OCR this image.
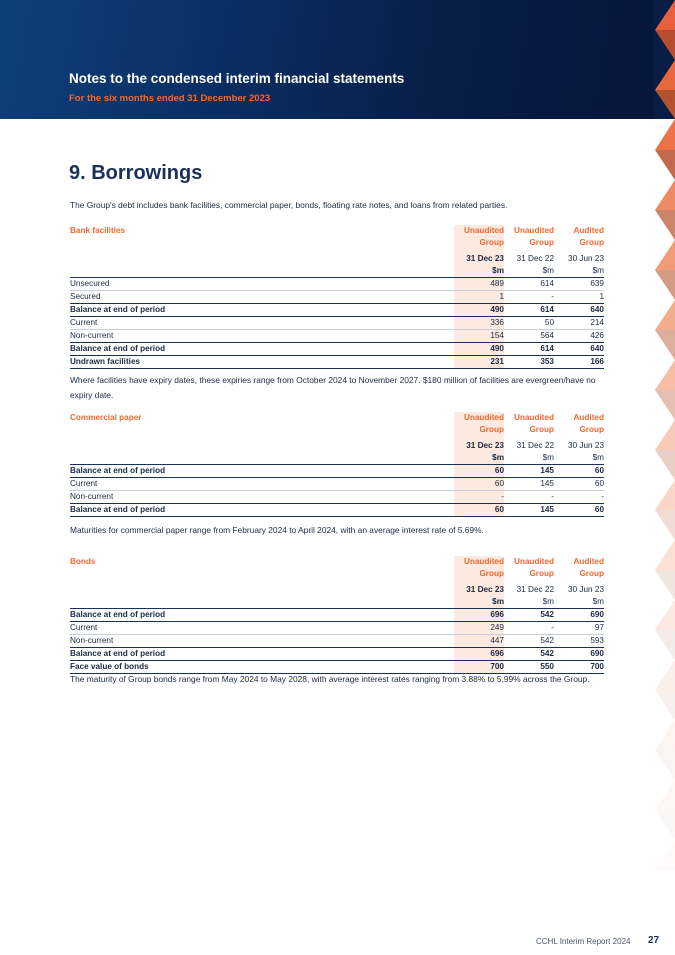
Notes to the condensed interim financial statements
For the six months ended 31 December 2023
9. Borrowings
The Group's debt includes bank facilities, commercial paper, bonds, floating rate notes, and loans from related parties.
Bank facilities	Unaudited	Unaudited	Audited
	Group	Group	Group
	31 Dec 23	31 Dec 22	30 Jun 23
	$m	$m	$m
Unsecured	489	614	639
Secured	1	-	1
Balance at end of period	490	614	640
Current	336	50	214
Non-current	154	564	426
Balance at end of period	490	614	640
Undrawn facilities	231	353	166
Where facilities have expiry dates, these expiries range from October 2024 to November 2027. $180 million of facilities are evergreen/have no expiry date.
Commercial paper	Unaudited	Unaudited	Audited
	Group	Group	Group
	31 Dec 23	31 Dec 22	30 Jun 23
	$m	$m	$m
Balance at end of period	60	145	60
Current	60	145	60
Non-current	-	-	-
Balance at end of period	60	145	60
Maturities for commercial paper range from February 2024 to April 2024, with an average interest rate of 5.69%.
Bonds	Unaudited	Unaudited	Audited
	Group	Group	Group
	31 Dec 23	31 Dec 22	30 Jun 23
	$m	$m	$m
Balance at end of period	696	542	690
Current	249	-	97
Non-current	447	542	593
Balance at end of period	696	542	690
Face value of bonds	700	550	700
The maturity of Group bonds range from May 2024 to May 2028, with average interest rates ranging from 3.88% to 5.99% across the Group.
CCHL Interim Report 2024 27
